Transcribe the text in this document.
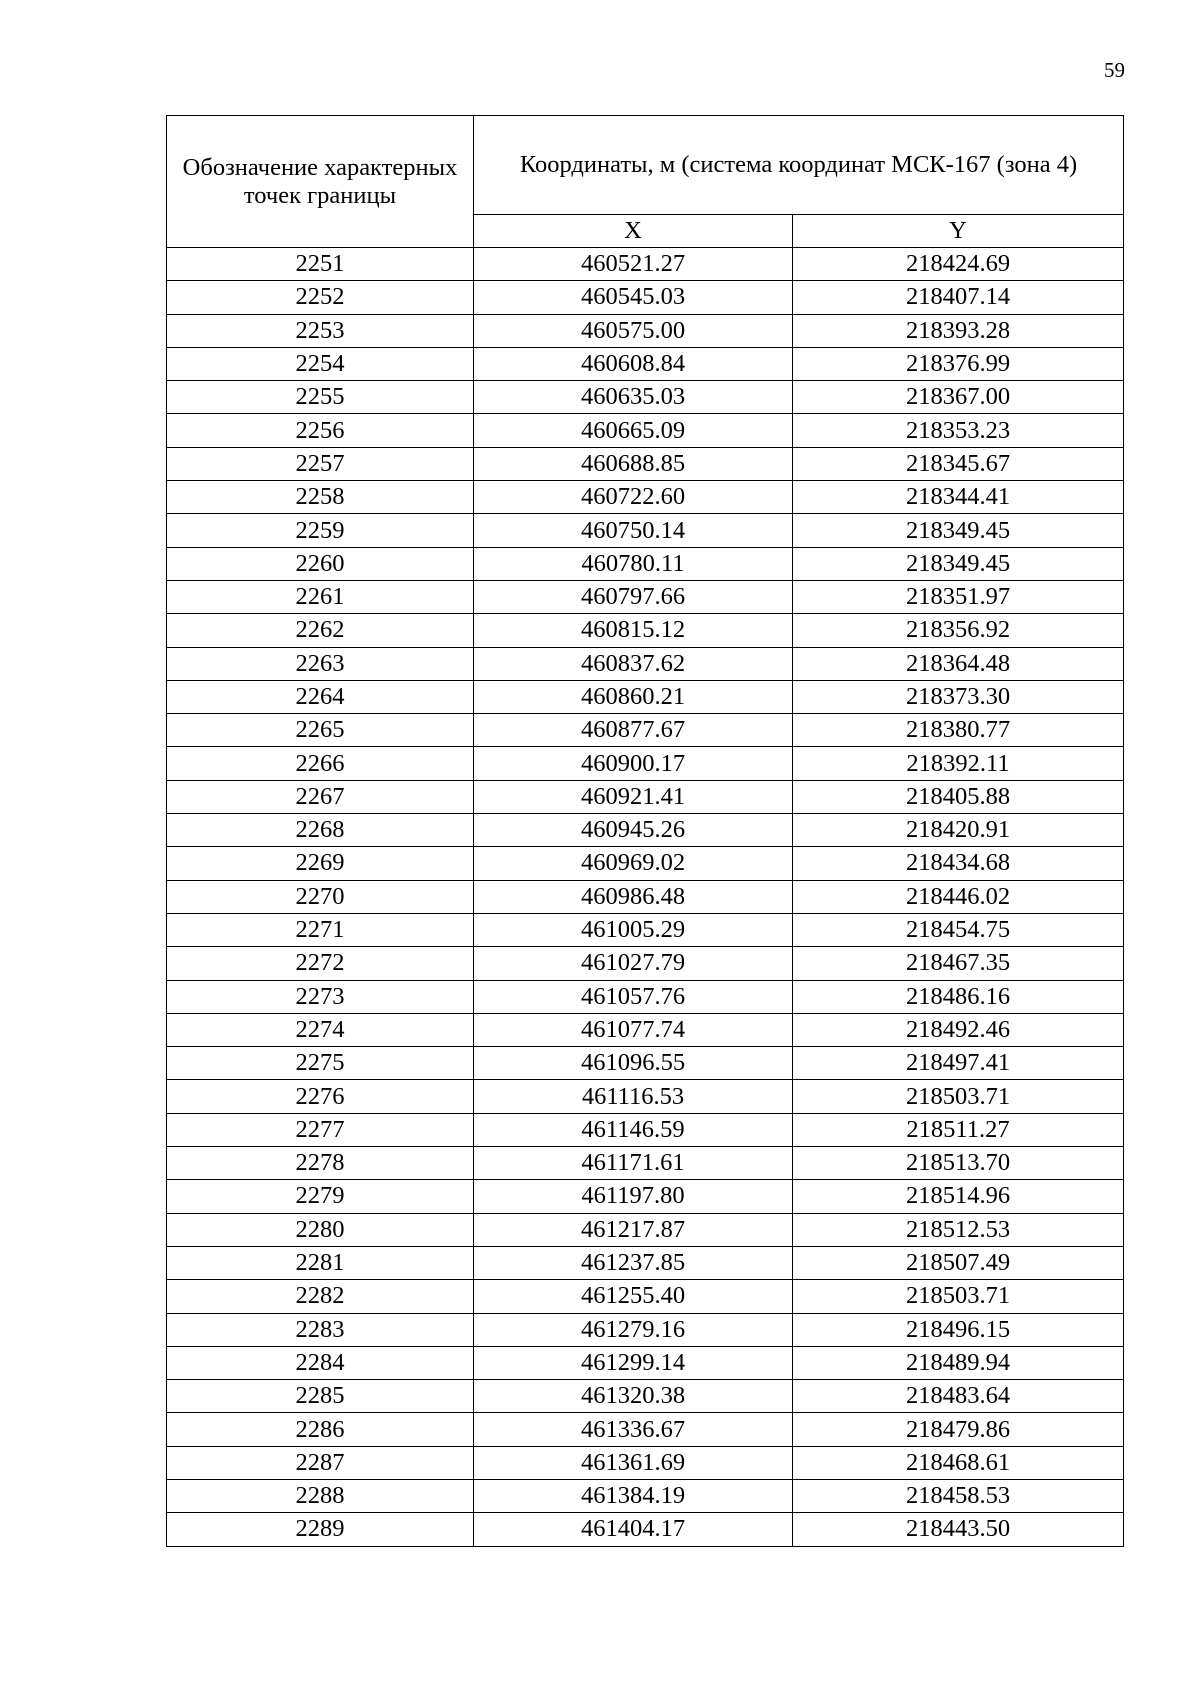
59
Обозначение характерных точек границы	Координаты, м (система координат МСК-167 (зона 4)	
	X	Y
2251	460521.27	218424.69
2252	460545.03	218407.14
2253	460575.00	218393.28
2254	460608.84	218376.99
2255	460635.03	218367.00
2256	460665.09	218353.23
2257	460688.85	218345.67
2258	460722.60	218344.41
2259	460750.14	218349.45
2260	460780.11	218349.45
2261	460797.66	218351.97
2262	460815.12	218356.92
2263	460837.62	218364.48
2264	460860.21	218373.30
2265	460877.67	218380.77
2266	460900.17	218392.11
2267	460921.41	218405.88
2268	460945.26	218420.91
2269	460969.02	218434.68
2270	460986.48	218446.02
2271	461005.29	218454.75
2272	461027.79	218467.35
2273	461057.76	218486.16
2274	461077.74	218492.46
2275	461096.55	218497.41
2276	461116.53	218503.71
2277	461146.59	218511.27
2278	461171.61	218513.70
2279	461197.80	218514.96
2280	461217.87	218512.53
2281	461237.85	218507.49
2282	461255.40	218503.71
2283	461279.16	218496.15
2284	461299.14	218489.94
2285	461320.38	218483.64
2286	461336.67	218479.86
2287	461361.69	218468.61
2288	461384.19	218458.53
2289	461404.17	218443.50
